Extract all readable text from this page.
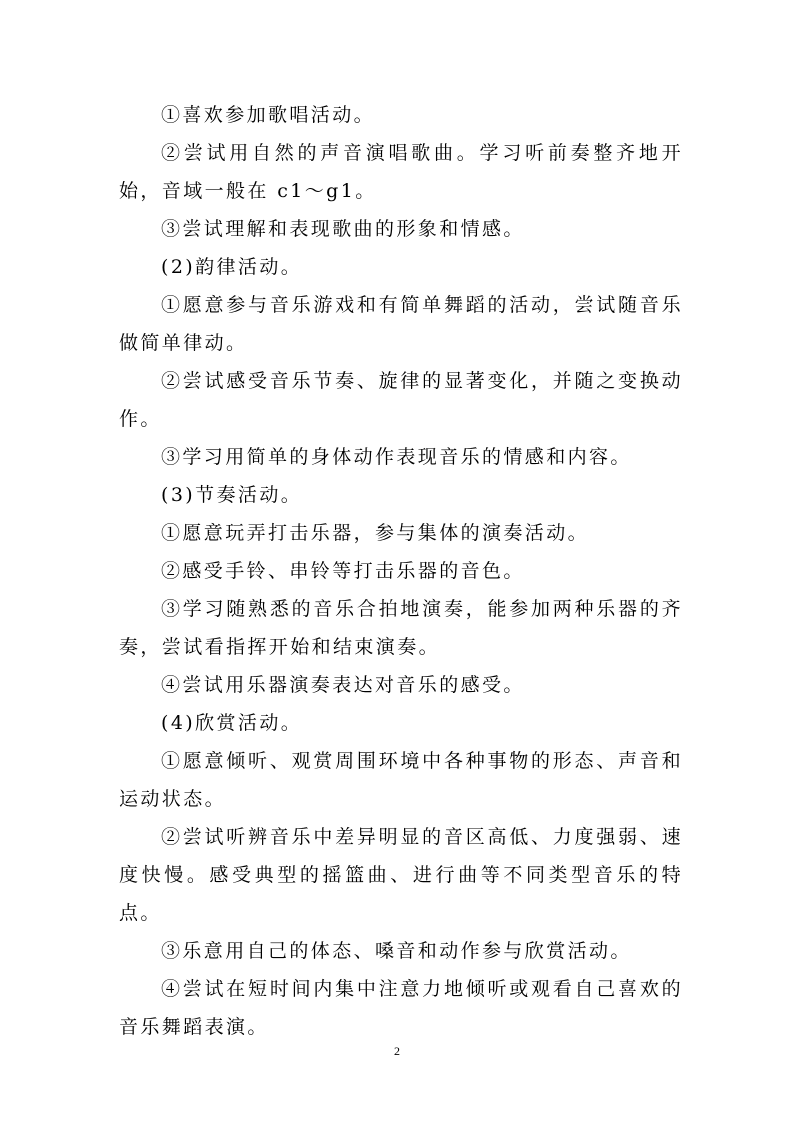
①喜欢参加歌唱活动。

②尝试用自然的声音演唱歌曲。学习听前奏整齐地开始，音域一般在 c1～g1。

③尝试理解和表现歌曲的形象和情感。

(2)韵律活动。

①愿意参与音乐游戏和有简单舞蹈的活动，尝试随音乐做简单律动。

②尝试感受音乐节奏、旋律的显著变化，并随之变换动作。

③学习用简单的身体动作表现音乐的情感和内容。

(3)节奏活动。

①愿意玩弄打击乐器，参与集体的演奏活动。

②感受手铃、串铃等打击乐器的音色。

③学习随熟悉的音乐合拍地演奏，能参加两种乐器的齐奏，尝试看指挥开始和结束演奏。

④尝试用乐器演奏表达对音乐的感受。

(4)欣赏活动。

①愿意倾听、观赏周围环境中各种事物的形态、声音和运动状态。

②尝试听辨音乐中差异明显的音区高低、力度强弱、速度快慢。感受典型的摇篮曲、进行曲等不同类型音乐的特点。

③乐意用自己的体态、嗓音和动作参与欣赏活动。

④尝试在短时间内集中注意力地倾听或观看自己喜欢的音乐舞蹈表演。

2
